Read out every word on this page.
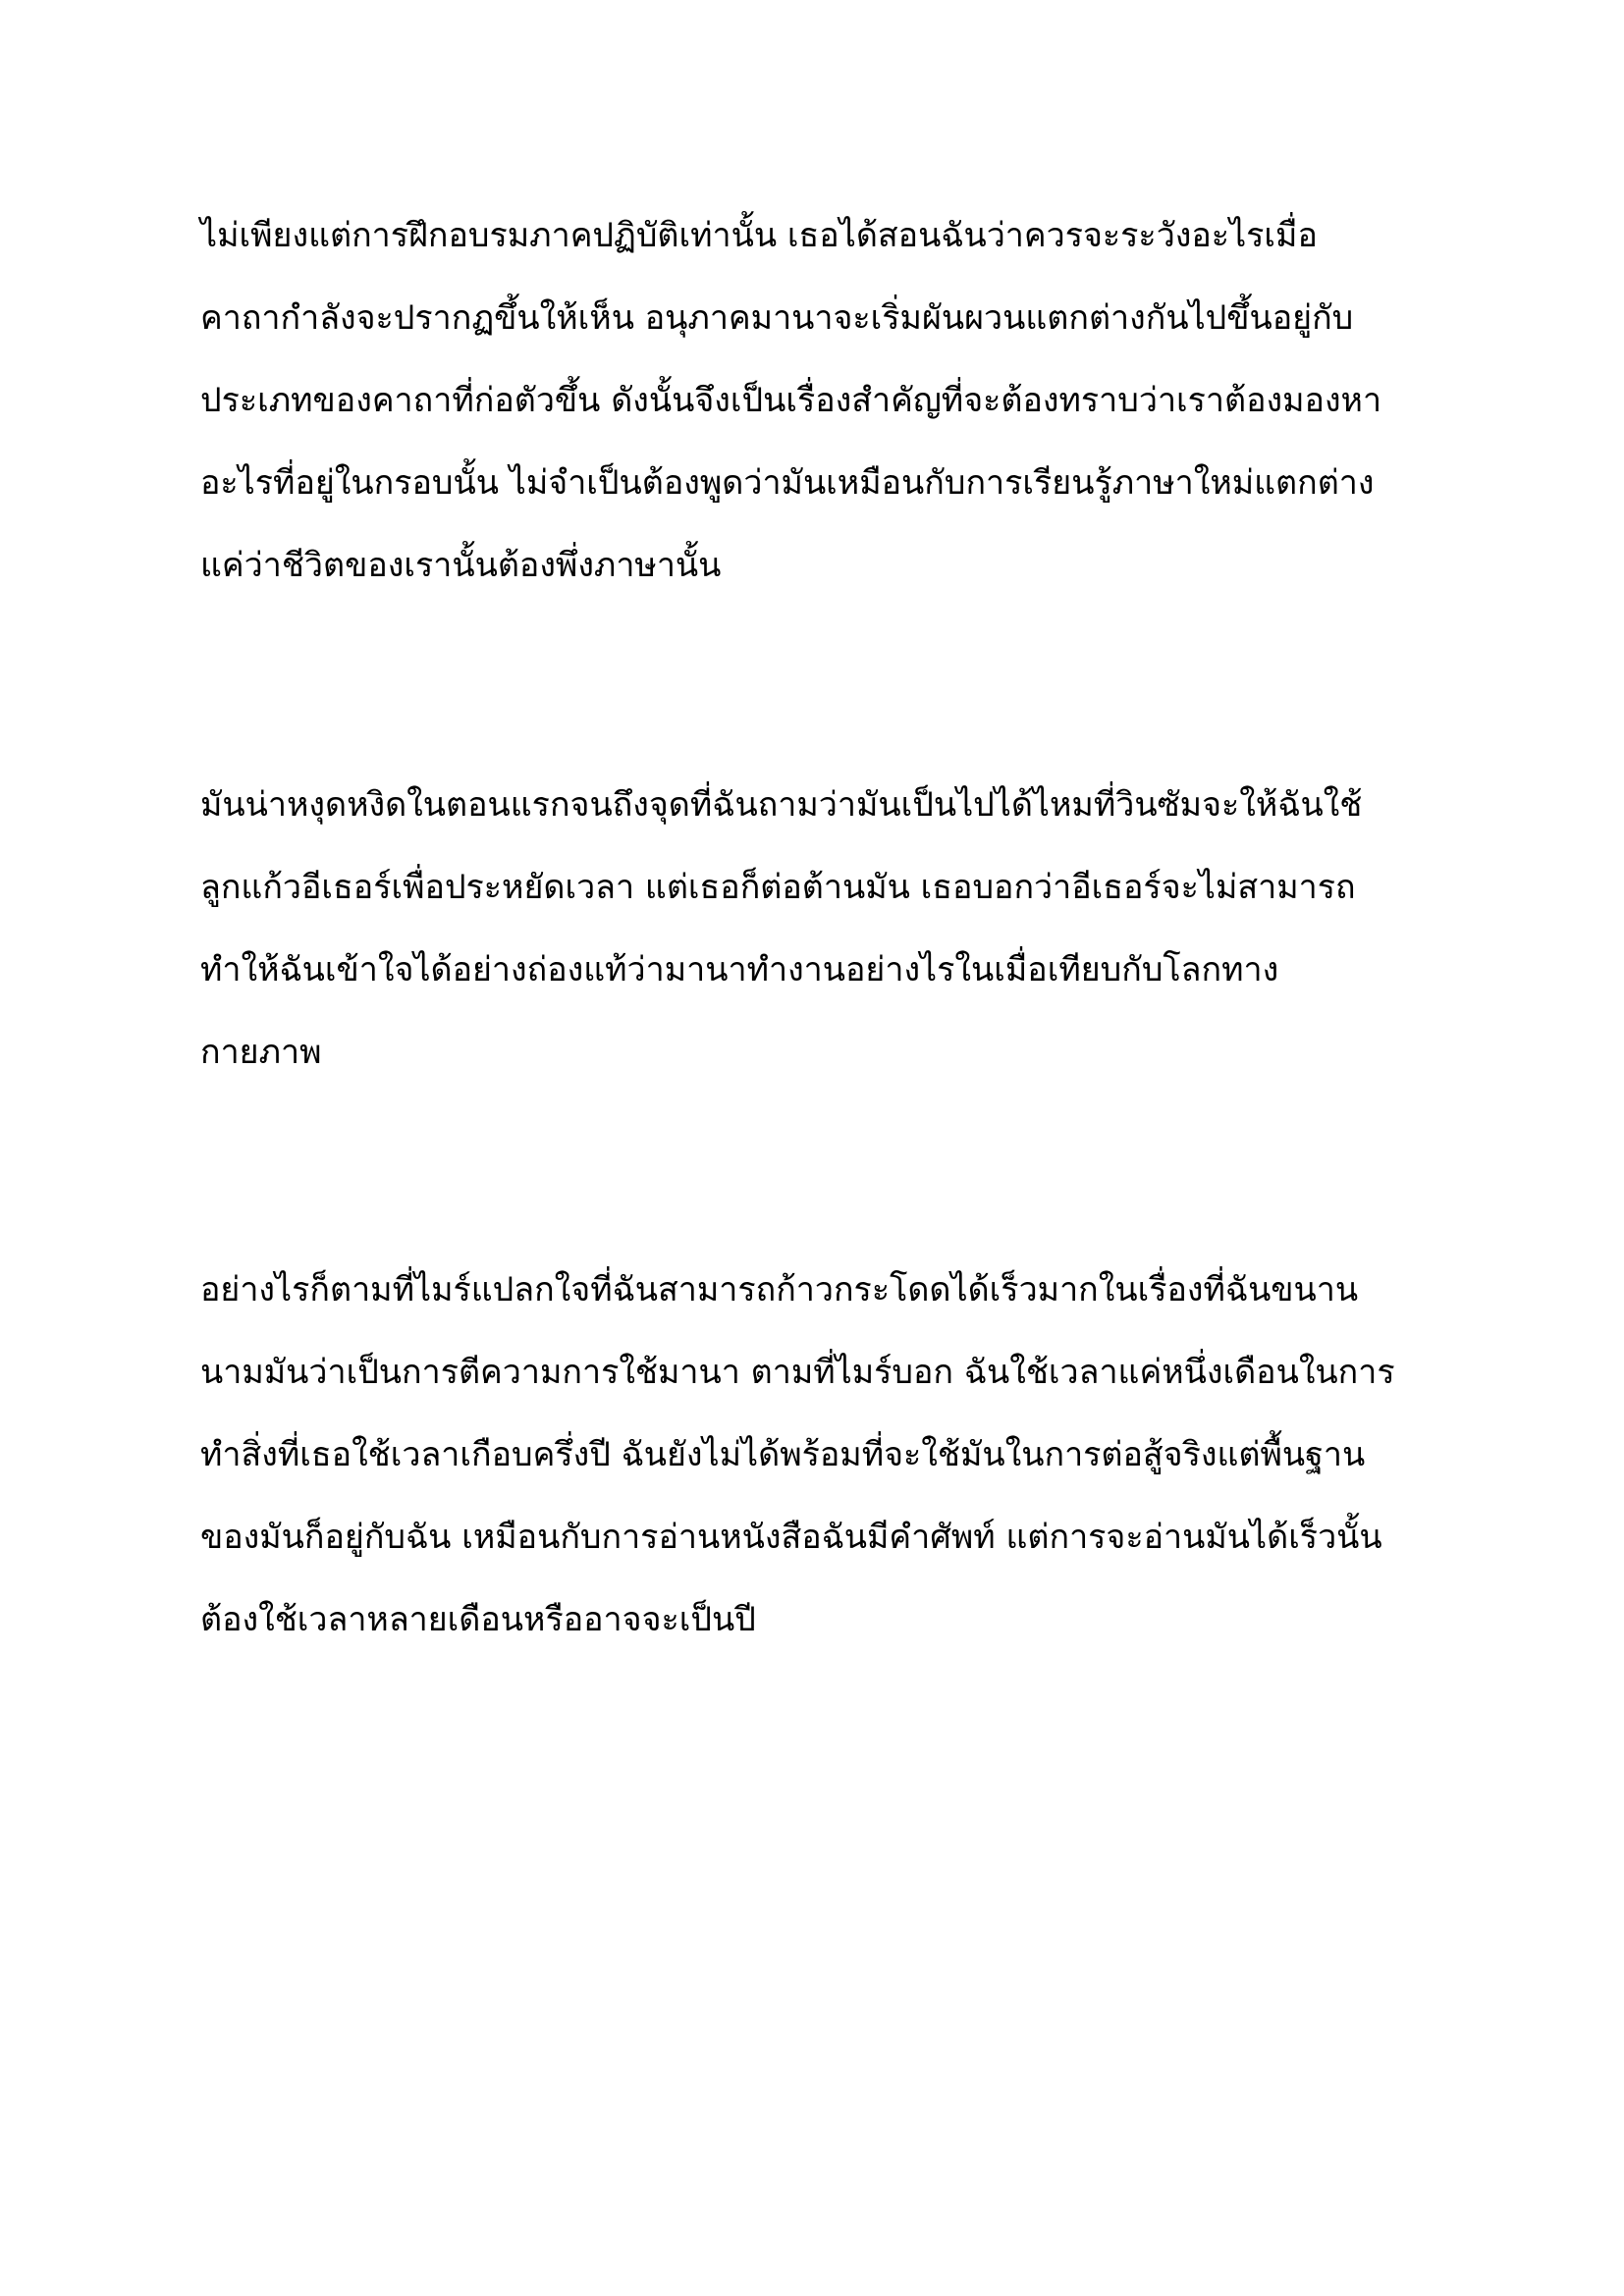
ไม่เพียงแต่การฝึกอบรมภาคปฏิบัติเท่านั้น เธอได้สอนฉันว่าควรจะระวังอะไรเมื่อ
คาถากำลังจะปรากฏขึ้นให้เห็น อนุภาคมานาจะเริ่มผันผวนแตกต่างกันไปขึ้นอยู่กับ
ประเภทของคาถาที่ก่อตัวขึ้น ดังนั้นจึงเป็นเรื่องสำคัญที่จะต้องทราบว่าเราต้องมองหา
อะไรที่อยู่ในกรอบนั้น ไม่จำเป็นต้องพูดว่ามันเหมือนกับการเรียนรู้ภาษาใหม่แตกต่าง
แค่ว่าชีวิตของเรานั้นต้องพึ่งภาษานั้น

มันน่าหงุดหงิดในตอนแรกจนถึงจุดที่ฉันถามว่ามันเป็นไปได้ไหมที่วินซัมจะให้ฉันใช้
ลูกแก้วอีเธอร์เพื่อประหยัดเวลา แต่เธอก็ต่อต้านมัน เธอบอกว่าอีเธอร์จะไม่สามารถ
ทำให้ฉันเข้าใจได้อย่างถ่องแท้ว่ามานาทำงานอย่างไรในเมื่อเทียบกับโลกทาง
กายภาพ

อย่างไรก็ตามที่ไมร์แปลกใจที่ฉันสามารถก้าวกระโดดได้เร็วมากในเรื่องที่ฉันขนาน
นามมันว่าเป็นการตีความการใช้มานา ตามที่ไมร์บอก ฉันใช้เวลาแค่หนึ่งเดือนในการ
ทำสิ่งที่เธอใช้เวลาเกือบครึ่งปี ฉันยังไม่ได้พร้อมที่จะใช้มันในการต่อสู้จริงแต่พื้นฐาน
ของมันก็อยู่กับฉัน เหมือนกับการอ่านหนังสือฉันมีคำศัพท์ แต่การจะอ่านมันได้เร็วนั้น
ต้องใช้เวลาหลายเดือนหรืออาจจะเป็นปี
